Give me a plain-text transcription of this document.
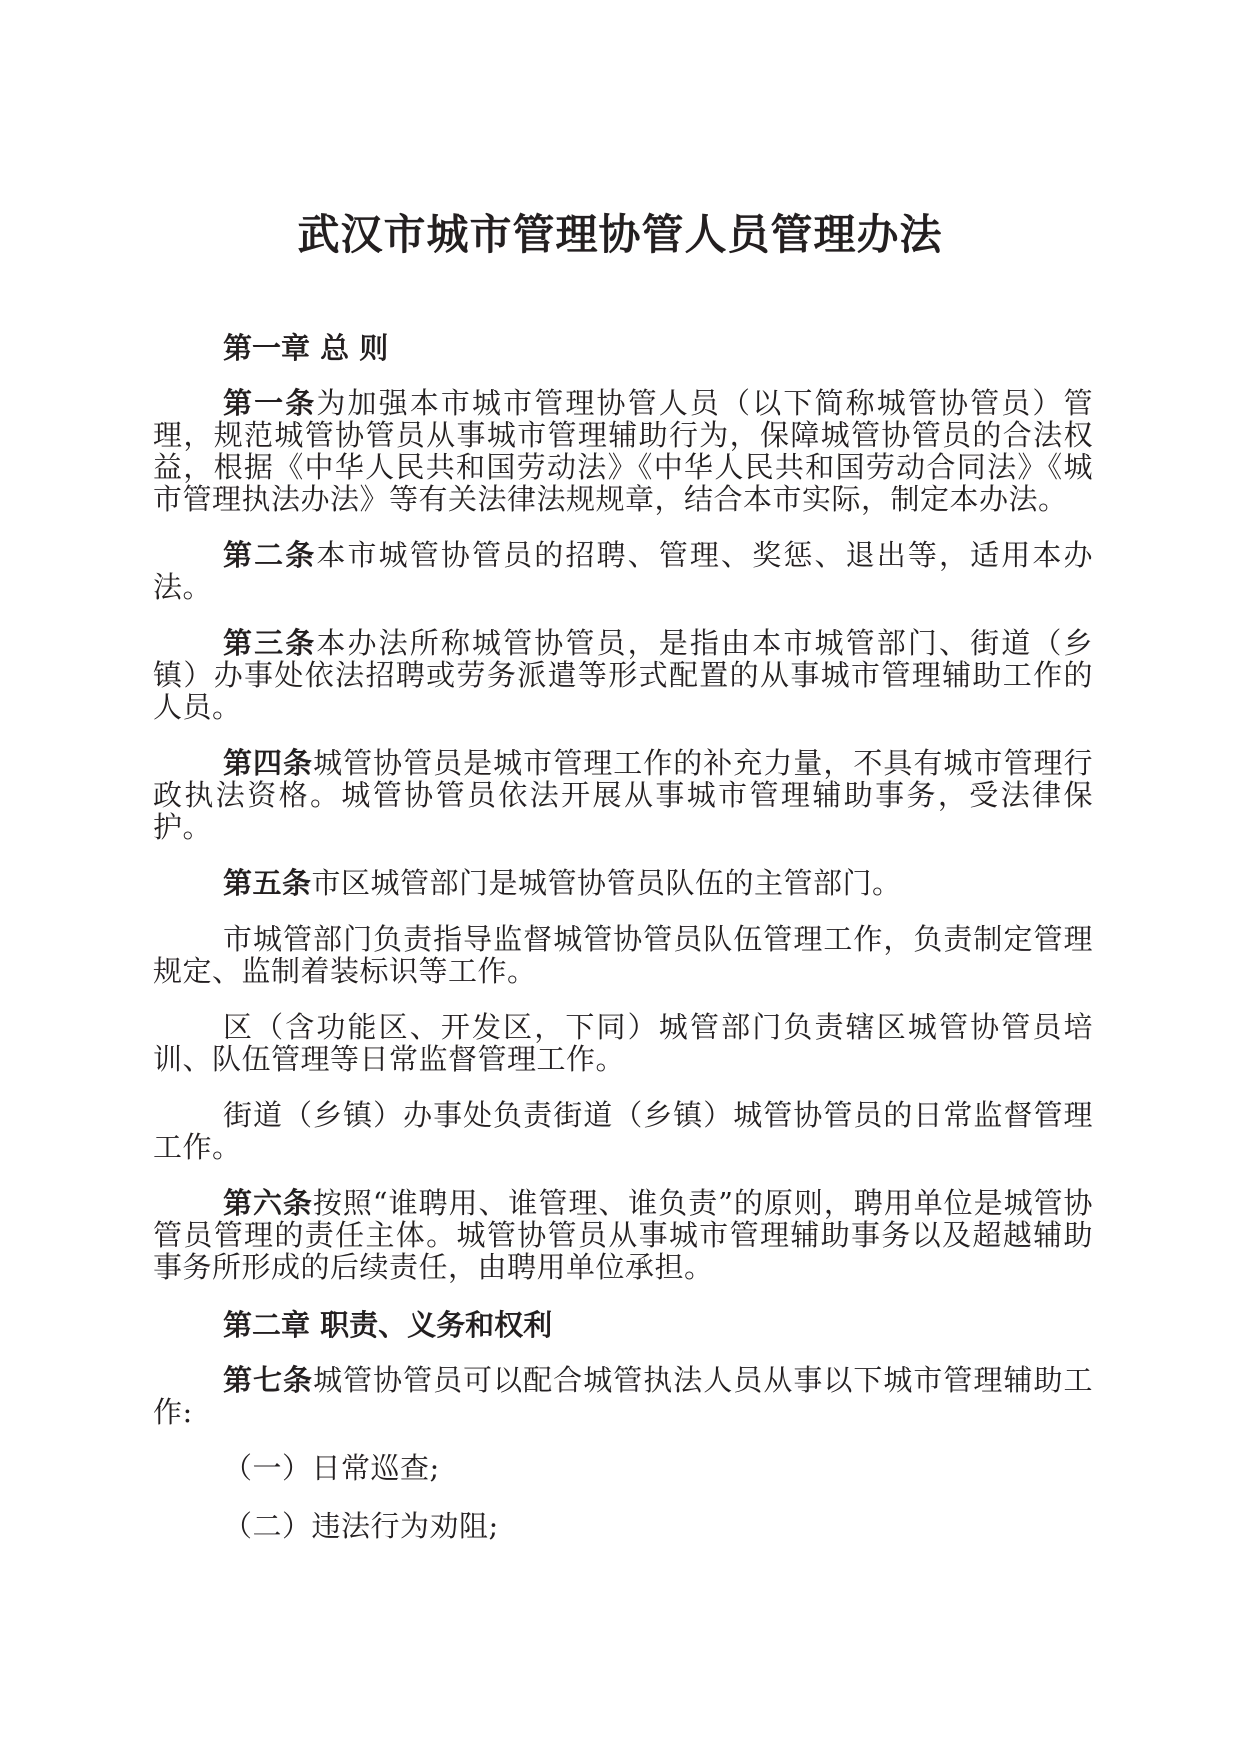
武汉市城市管理协管人员管理办法
第一章 总 则

第一条为加强本市城市管理协管人员（以下简称城管协管员）管理，规范城管协管员从事城市管理辅助行为，保障城管协管员的合法权益，根据《中华人民共和国劳动法》《中华人民共和国劳动合同法》《城市管理执法办法》等有关法律法规规章，结合本市实际，制定本办法。

第二条本市城管协管员的招聘、管理、奖惩、退出等，适用本办法。

第三条本办法所称城管协管员，是指由本市城管部门、街道（乡镇）办事处依法招聘或劳务派遣等形式配置的从事城市管理辅助工作的人员。

第四条城管协管员是城市管理工作的补充力量，不具有城市管理行政执法资格。城管协管员依法开展从事城市管理辅助事务，受法律保护。

第五条市区城管部门是城管协管员队伍的主管部门。

市城管部门负责指导监督城管协管员队伍管理工作，负责制定管理规定、监制着装标识等工作。

区（含功能区、开发区，下同）城管部门负责辖区城管协管员培训、队伍管理等日常监督管理工作。

街道（乡镇）办事处负责街道（乡镇）城管协管员的日常监督管理工作。

第六条按照“谁聘用、谁管理、谁负责”的原则，聘用单位是城管协管员管理的责任主体。城管协管员从事城市管理辅助事务以及超越辅助事务所形成的后续责任，由聘用单位承担。

第二章 职责、义务和权利

第七条城管协管员可以配合城管执法人员从事以下城市管理辅助工作:

（一）日常巡查;

（二）违法行为劝阻;
